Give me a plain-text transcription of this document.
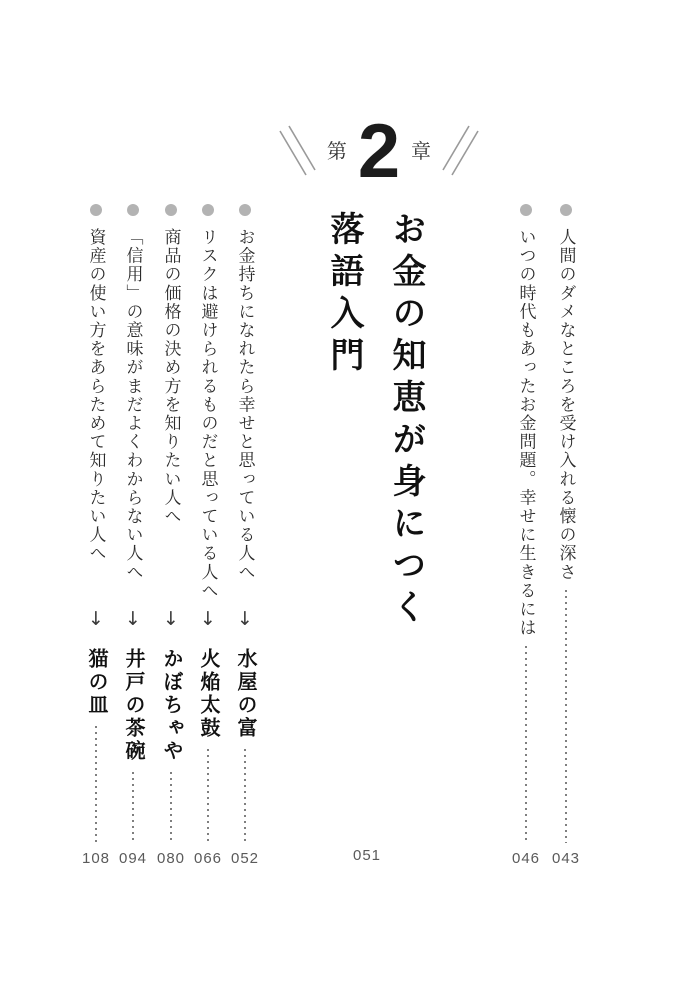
第 2 章
お金の知恵が身につく
落語入門	人間のダメなところを受け入れる懐の深さ
043
いつの時代もあったお金問題。幸せに生きるには
046
お金持ちになれたら幸せと思っている人へ
↓
水屋の富
052
リスクは避けられるものだと思っている人へ
↓
火焔太鼓
066
商品の価格の決め方を知りたい人へ
↓
かぼちゃや
080
「信用」の意味がまだよくわからない人へ
↓
井戸の茶碗
094
資産の使い方をあらためて知りたい人へ
↓
猫の皿
108	051
